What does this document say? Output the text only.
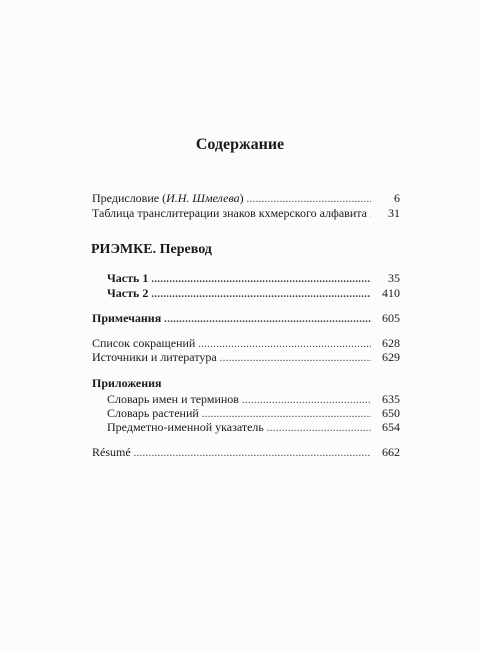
Содержание
Предисловие (И.Н. Шмелева) .....	6
Таблица транслитерации знаков кхмерского алфавита .....	31
РИЭМКЕ. Перевод
Часть 1 .....	35
Часть 2 .....	410
Примечания .....	605
Список сокращений .....	628
Источники и литература .....	629
Приложения
Словарь имен и терминов .....	635
Словарь растений .....	650
Предметно-именной указатель .....	654
Résumé .....	662
